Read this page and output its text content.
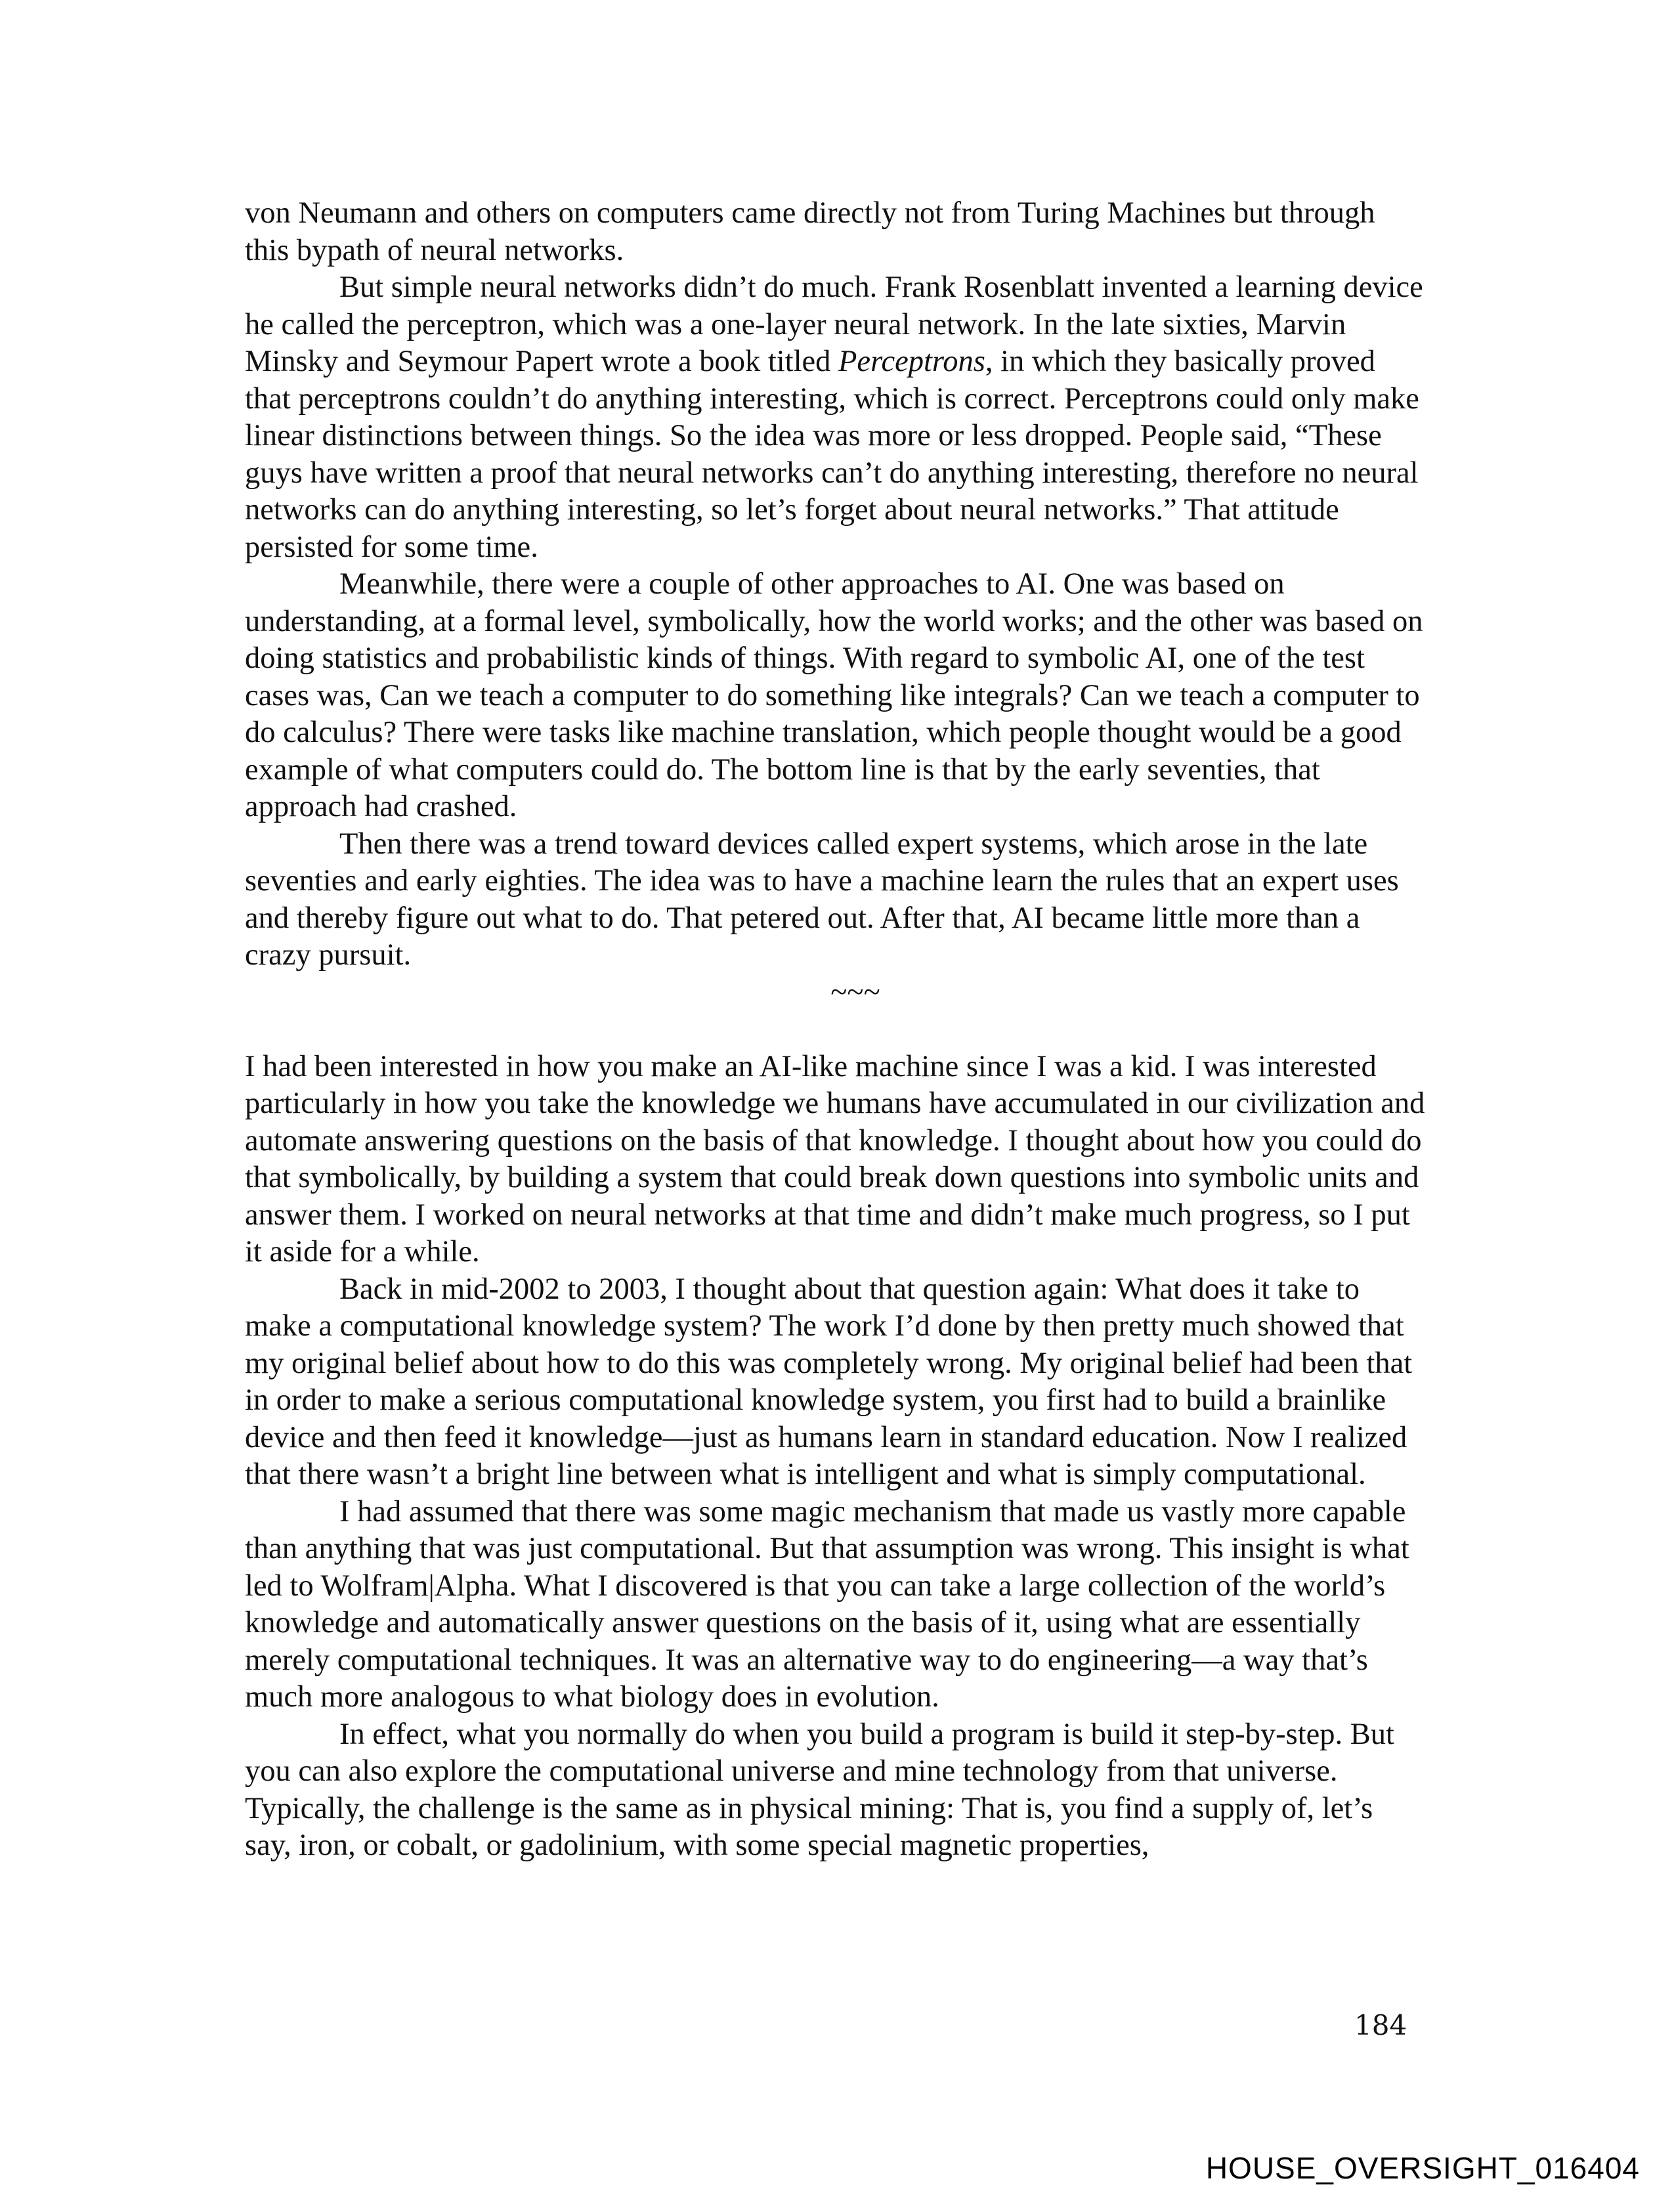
von Neumann and others on computers came directly not from Turing Machines but through this bypath of neural networks.

But simple neural networks didn’t do much. Frank Rosenblatt invented a learning device he called the perceptron, which was a one-layer neural network. In the late sixties, Marvin Minsky and Seymour Papert wrote a book titled Perceptrons, in which they basically proved that perceptrons couldn’t do anything interesting, which is correct. Perceptrons could only make linear distinctions between things. So the idea was more or less dropped. People said, “These guys have written a proof that neural networks can’t do anything interesting, therefore no neural networks can do anything interesting, so let’s forget about neural networks.” That attitude persisted for some time.

Meanwhile, there were a couple of other approaches to AI. One was based on understanding, at a formal level, symbolically, how the world works; and the other was based on doing statistics and probabilistic kinds of things. With regard to symbolic AI, one of the test cases was, Can we teach a computer to do something like integrals? Can we teach a computer to do calculus? There were tasks like machine translation, which people thought would be a good example of what computers could do. The bottom line is that by the early seventies, that approach had crashed.

Then there was a trend toward devices called expert systems, which arose in the late seventies and early eighties. The idea was to have a machine learn the rules that an expert uses and thereby figure out what to do. That petered out. After that, AI became little more than a crazy pursuit.

~~~

I had been interested in how you make an AI-like machine since I was a kid. I was interested particularly in how you take the knowledge we humans have accumulated in our civilization and automate answering questions on the basis of that knowledge. I thought about how you could do that symbolically, by building a system that could break down questions into symbolic units and answer them. I worked on neural networks at that time and didn’t make much progress, so I put it aside for a while.

Back in mid-2002 to 2003, I thought about that question again: What does it take to make a computational knowledge system? The work I’d done by then pretty much showed that my original belief about how to do this was completely wrong. My original belief had been that in order to make a serious computational knowledge system, you first had to build a brainlike device and then feed it knowledge—just as humans learn in standard education. Now I realized that there wasn’t a bright line between what is intelligent and what is simply computational.

I had assumed that there was some magic mechanism that made us vastly more capable than anything that was just computational. But that assumption was wrong. This insight is what led to Wolfram|Alpha. What I discovered is that you can take a large collection of the world’s knowledge and automatically answer questions on the basis of it, using what are essentially merely computational techniques. It was an alternative way to do engineering—a way that’s much more analogous to what biology does in evolution.

In effect, what you normally do when you build a program is build it step-by-step. But you can also explore the computational universe and mine technology from that universe. Typically, the challenge is the same as in physical mining: That is, you find a supply of, let’s say, iron, or cobalt, or gadolinium, with some special magnetic properties,

184

HOUSE_OVERSIGHT_016404
